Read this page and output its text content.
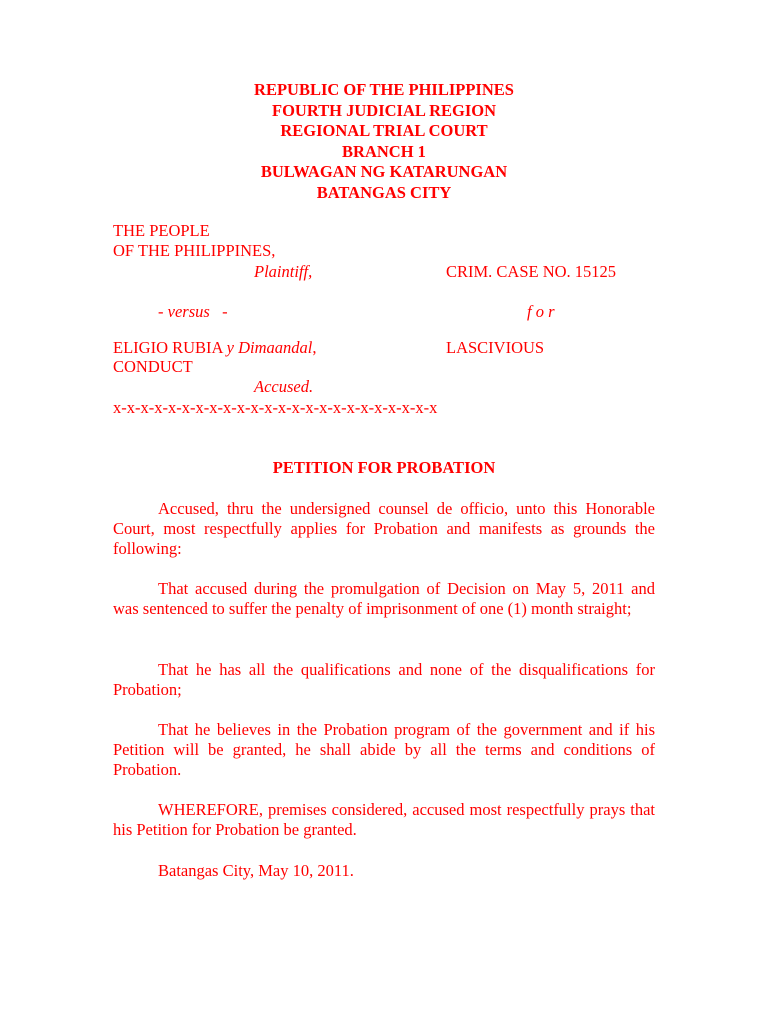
REPUBLIC OF THE PHILIPPINES
FOURTH JUDICIAL REGION
REGIONAL TRIAL COURT
BRANCH 1
BULWAGAN NG KATARUNGAN
BATANGAS CITY
THE PEOPLE
OF THE PHILIPPINES,
Plaintiff,	CRIM. CASE NO. 15125
- versus   -	f o r
ELIGIO RUBIA y Dimaandal,	LASCIVIOUS
CONDUCT
Accused.
x-x-x-x-x-x-x-x-x-x-x-x-x-x-x-x-x-x-x-x-x-x-x-x
PETITION FOR PROBATION
Accused, thru the undersigned counsel de officio, unto this Honorable Court, most respectfully applies for Probation and manifests as grounds the following:
That accused during the promulgation of Decision on May 5, 2011 and was sentenced to suffer the penalty of imprisonment of one (1) month straight;
That he has all the qualifications and none of the disqualifications for Probation;
That he believes in the Probation program of the government and if his Petition will be granted, he shall abide by all the terms and conditions of Probation.
WHEREFORE, premises considered, accused most respectfully prays that his Petition for Probation be granted.
Batangas City, May 10, 2011.
